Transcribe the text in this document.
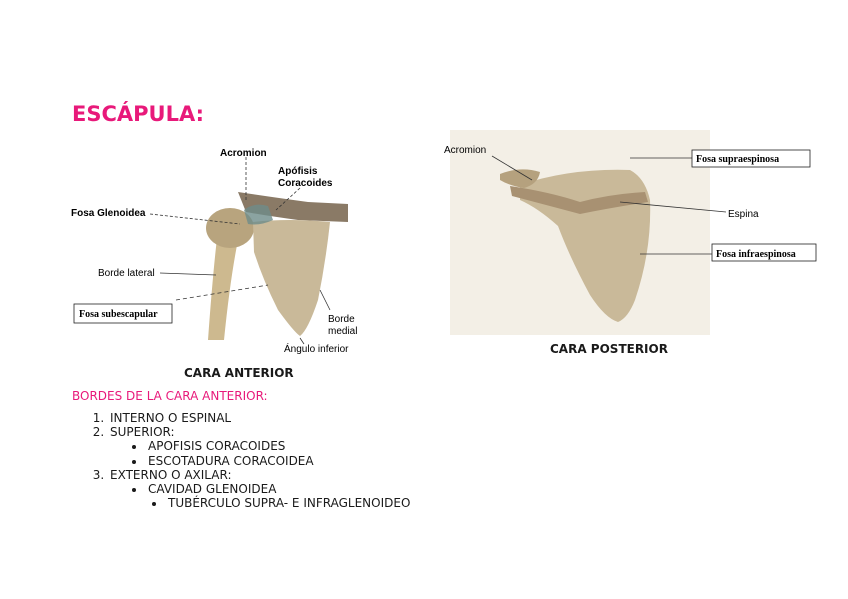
ESCÁPULA:
Acromion
Apófisis
Coracoides
Fosa Glenoidea
Borde lateral
Fosa subescapular	Borde
medial
Ángulo inferior
CARA ANTERIOR
Acromion
Fosa supraespinosa
Espina
Fosa infraespinosa
CARA POSTERIOR
BORDES DE LA CARA ANTERIOR:
1. INTERNO O ESPINAL
2. SUPERIOR:
• APOFISIS CORACOIDES
• ESCOTADURA CORACOIDEA
3. EXTERNO O AXILAR:
• CAVIDAD GLENOIDEA
• TUBÉRCULO SUPRA- E INFRAGLENOIDEO
